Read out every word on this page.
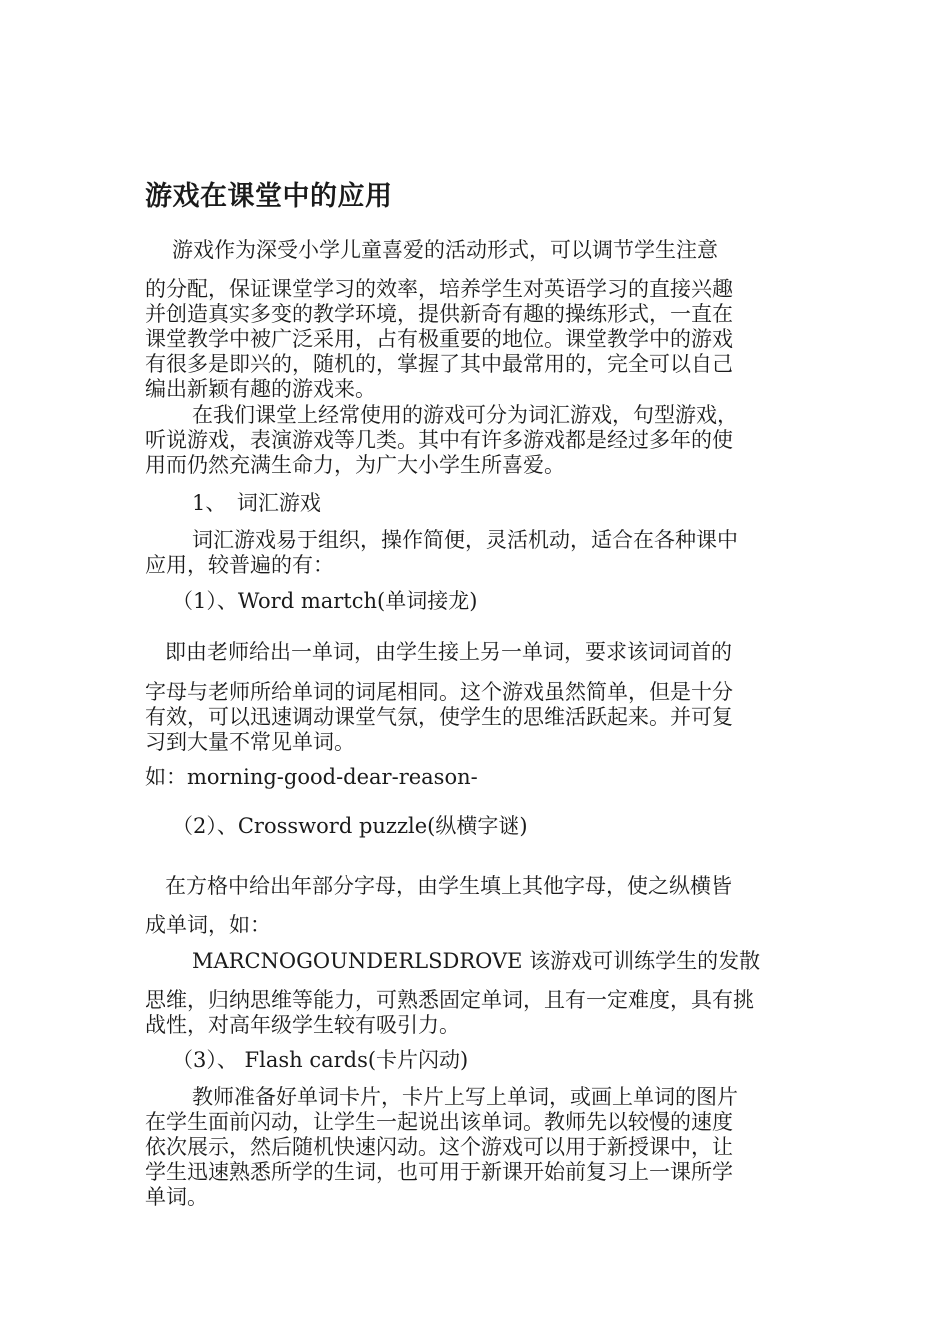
游戏在课堂中的应用
游戏作为深受小学儿童喜爱的活动形式，可以调节学生注意
的分配，保证课堂学习的效率，培养学生对英语学习的直接兴趣
并创造真实多变的教学环境，提供新奇有趣的操练形式，一直在
课堂教学中被广泛采用，占有极重要的地位。课堂教学中的游戏
有很多是即兴的，随机的，掌握了其中最常用的，完全可以自己
编出新颖有趣的游戏来。
在我们课堂上经常使用的游戏可分为词汇游戏，句型游戏，
听说游戏，表演游戏等几类。其中有许多游戏都是经过多年的使
用而仍然充满生命力，为广大小学生所喜爱。
1、　词汇游戏
词汇游戏易于组织，操作简便，灵活机动，适合在各种课中
应用，较普遍的有：
（1）、Word martch(单词接龙)
即由老师给出一单词，由学生接上另一单词，要求该词词首的
字母与老师所给单词的词尾相同。这个游戏虽然简单，但是十分
有效，可以迅速调动课堂气氛，使学生的思维活跃起来。并可复
习到大量不常见单词。
如：morning-good-dear-reason-
（2）、Crossword puzzle(纵横字谜)
在方格中给出年部分字母，由学生填上其他字母，使之纵横皆
成单词，如：
MARCNOGOUNDERLSDROVE 该游戏可训练学生的发散
思维，归纳思维等能力，可熟悉固定单词，且有一定难度，具有挑
战性，对高年级学生较有吸引力。
（3）、 Flash cards(卡片闪动)
教师准备好单词卡片，卡片上写上单词，或画上单词的图片
在学生面前闪动，让学生一起说出该单词。教师先以较慢的速度
依次展示，然后随机快速闪动。这个游戏可以用于新授课中，让
学生迅速熟悉所学的生词，也可用于新课开始前复习上一课所学
单词。
